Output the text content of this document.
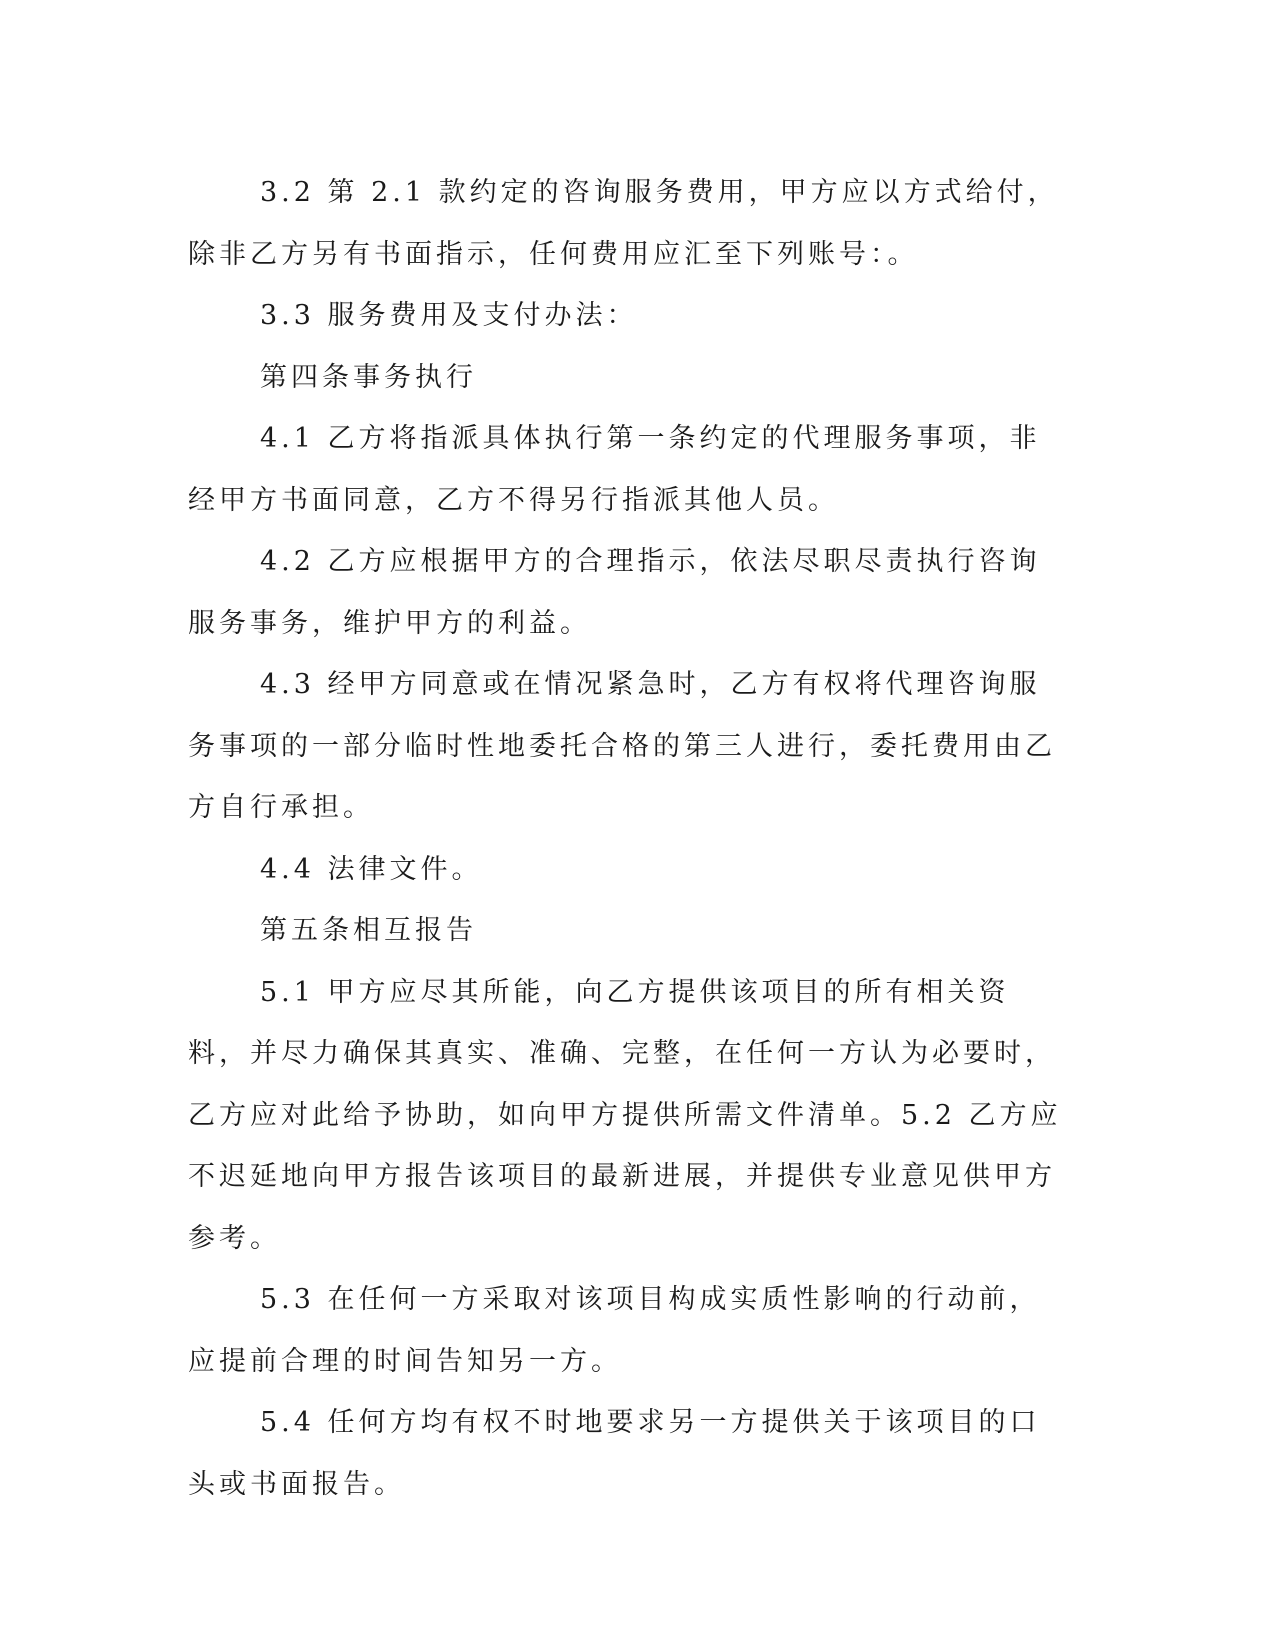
3.2 第 2.1 款约定的咨询服务费用，甲方应以方式给付，除非乙方另有书面指示，任何费用应汇至下列账号：。

3.3 服务费用及支付办法：

第四条事务执行

4.1 乙方将指派具体执行第一条约定的代理服务事项，非经甲方书面同意，乙方不得另行指派其他人员。

4.2 乙方应根据甲方的合理指示，依法尽职尽责执行咨询服务事务，维护甲方的利益。

4.3 经甲方同意或在情况紧急时，乙方有权将代理咨询服务事项的一部分临时性地委托合格的第三人进行，委托费用由乙方自行承担。

4.4 法律文件。

第五条相互报告

5.1 甲方应尽其所能，向乙方提供该项目的所有相关资料，并尽力确保其真实、准确、完整，在任何一方认为必要时，乙方应对此给予协助，如向甲方提供所需文件清单。5.2 乙方应不迟延地向甲方报告该项目的最新进展，并提供专业意见供甲方参考。

5.3 在任何一方采取对该项目构成实质性影响的行动前，应提前合理的时间告知另一方。

5.4 任何方均有权不时地要求另一方提供关于该项目的口头或书面报告。
